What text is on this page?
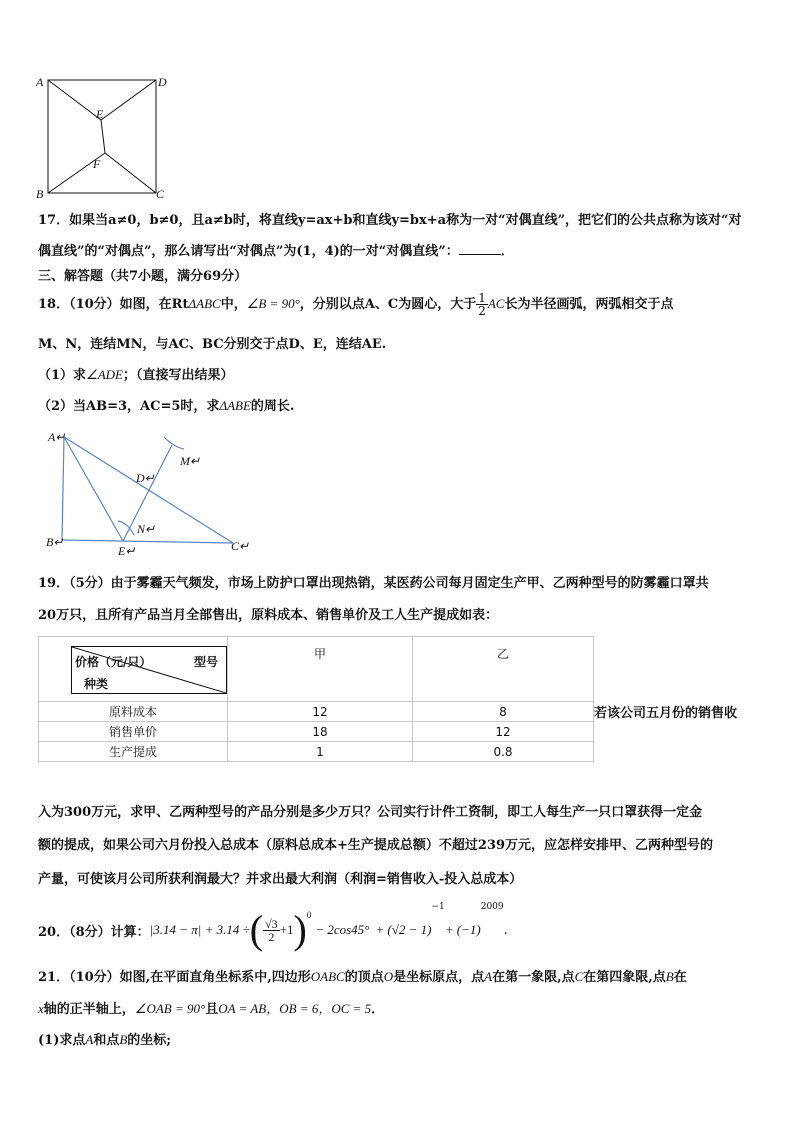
A	D
E
F
B	C
17．如果当a≠0，b≠0，且a≠b时，将直线y=ax+b和直线y=bx+a称为一对“对偶直线”，把它们的公共点称为该对“对
偶直线”的“对偶点”，那么请写出“对偶点”为(1，4)的一对“对偶直线”：	．
三、解答题（共7小题，满分69分）
18．（10分）如图，在RtΔABC中，∠B = 90°，分别以点A、C为圆心，大于 $\frac{1}{2}$ AC长为半径画弧，两弧相交于点
M、N，连结MN，与AC、BC分别交于点D、E，连结AE.
（1）求∠ADE；（直接写出结果）
（2）当AB=3，AC=5时，求ΔABE的周长.
A↵
M↵
D↵
N↵
B↵
E↵	C↵
19．（5分）由于雾霾天气频发，市场上防护口罩出现热销，某医药公司每月固定生产甲、乙两种型号的防雾霾口罩共
20万只，且所有产品当月全部售出，原料成本、销售单价及工人生产提成如表：
价格（元/只） 型号
种类	甲	乙
原料成本	12	8
销售单价	18	12
生产提成	1	0.8
若该公司五月份的销售收
入为300万元，求甲、乙两种型号的产品分别是多少万只？公司实行计件工资制，即工人每生产一只口罩获得一定金
额的提成，如果公司六月份投入总成本（原料总成本+生产提成总额）不超过239万元，应怎样安排甲、乙两种型号的
产量，可使该月公司所获利润最大？并求出最大利润（利润=销售收入-投入总成本）
20．（8分）计算： |3.14 − π| + 3.14 ÷ ( $\frac{√3}{2} +1$ ) 0
− 2cos45° + (√2 − 1)
−1
+ (−1)
2009
.
21．（10分）如图,在平面直角坐标系中,四边形OABC的顶点O是坐标原点，点A在第一象限,点C在第四象限,点B在
x轴的正半轴上，∠OAB = 90°且OA = AB，OB = 6，OC = 5．
(1)求点A和点B的坐标;
